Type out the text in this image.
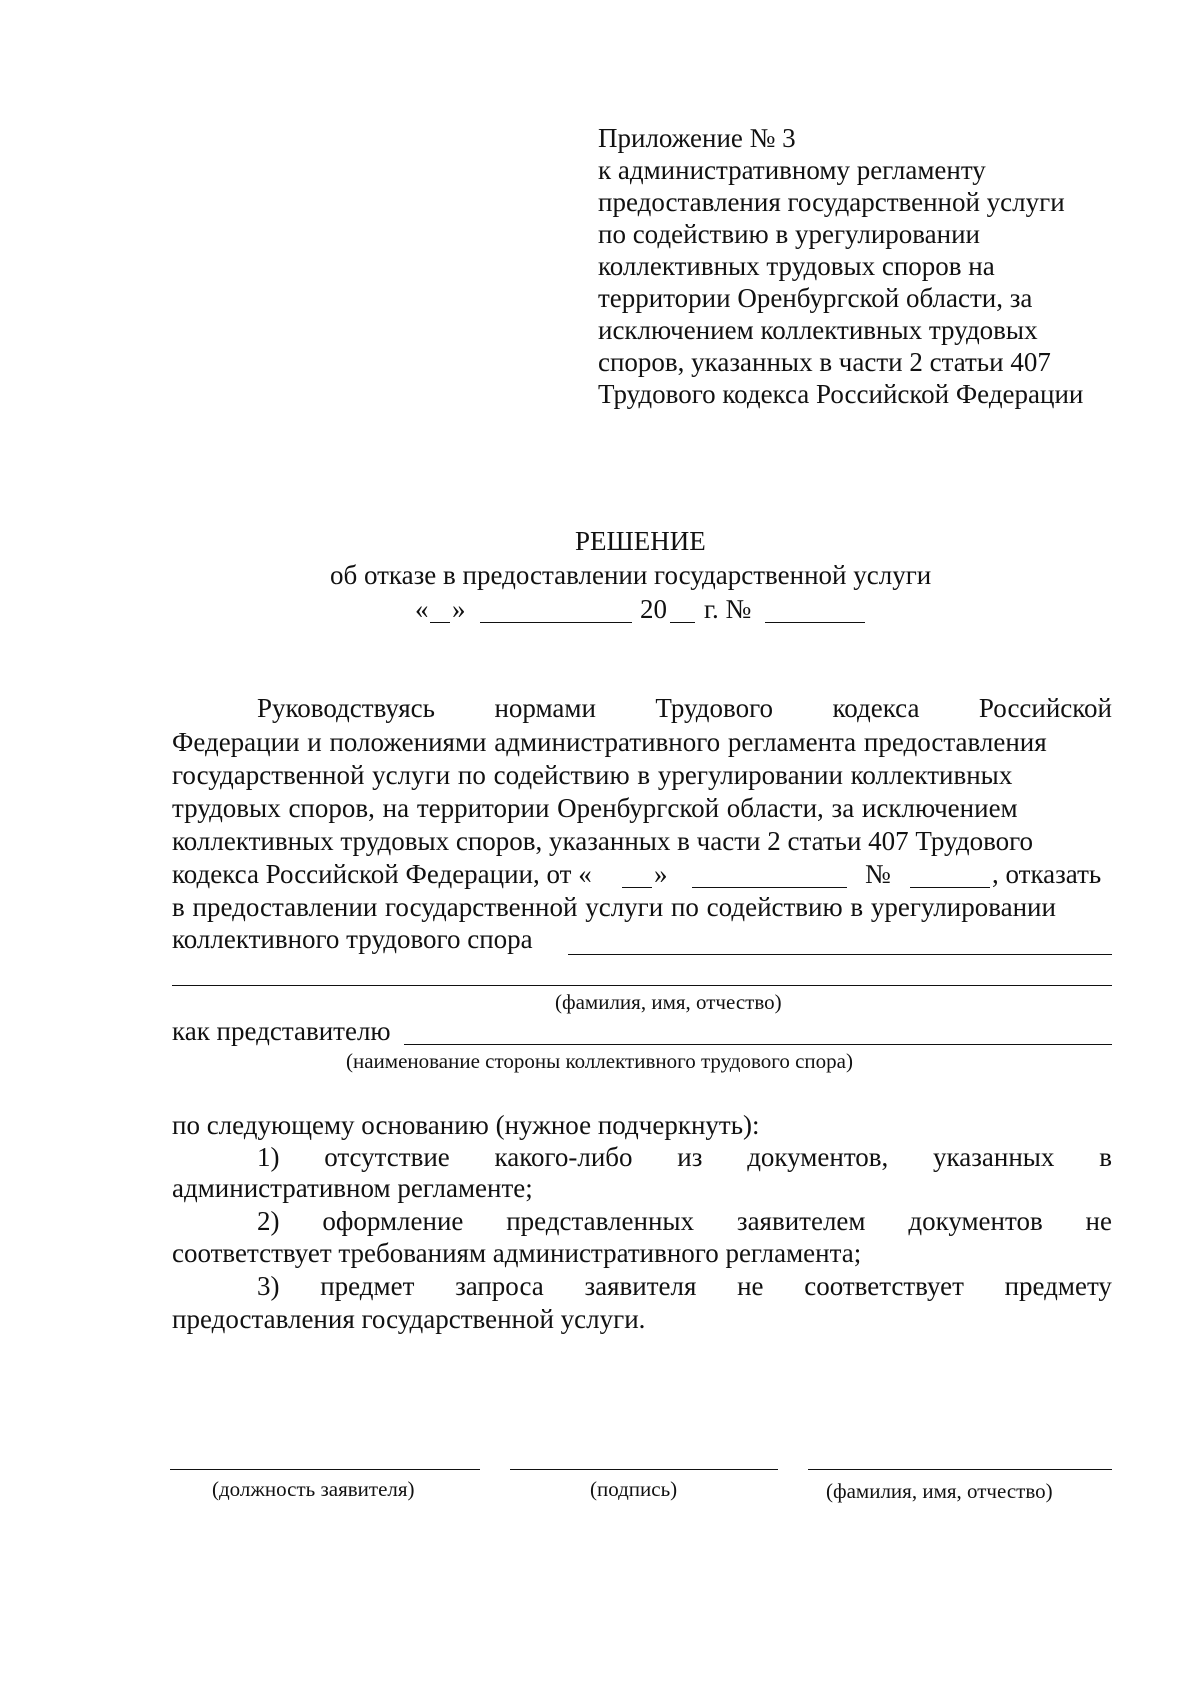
Приложение № 3
к административному регламенту
предоставления государственной услуги
по содействию в урегулировании
коллективных трудовых споров на
территории Оренбургской области, за
исключением коллективных трудовых
споров, указанных в части 2 статьи 407
Трудового кодекса Российской Федерации
РЕШЕНИЕ
об отказе в предоставлении государственной услуги
« »	20 г. №
Руководствуясь нормами Трудового кодекса Российской
Федерации и положениями административного регламента предоставления
государственной услуги по содействию в урегулировании коллективных
трудовых споров, на территории Оренбургской области, за исключением
коллективных трудовых споров, указанных в части 2 статьи 407 Трудового
кодекса Российской Федерации, от « »	№	, отказать
в предоставлении государственной услуги по содействию в урегулировании
коллективного трудового спора
(фамилия, имя, отчество)
как представителю
(наименование стороны коллективного трудового спора)
по следующему основанию (нужное подчеркнуть):
1) отсутствие какого-либо из документов, указанных в
административном регламенте;
2) оформление представленных заявителем документов не
соответствует требованиям административного регламента;
3) предмет запроса заявителя не соответствует предмету
предоставления государственной услуги.
(должность заявителя)	(подпись)	(фамилия, имя, отчество)
